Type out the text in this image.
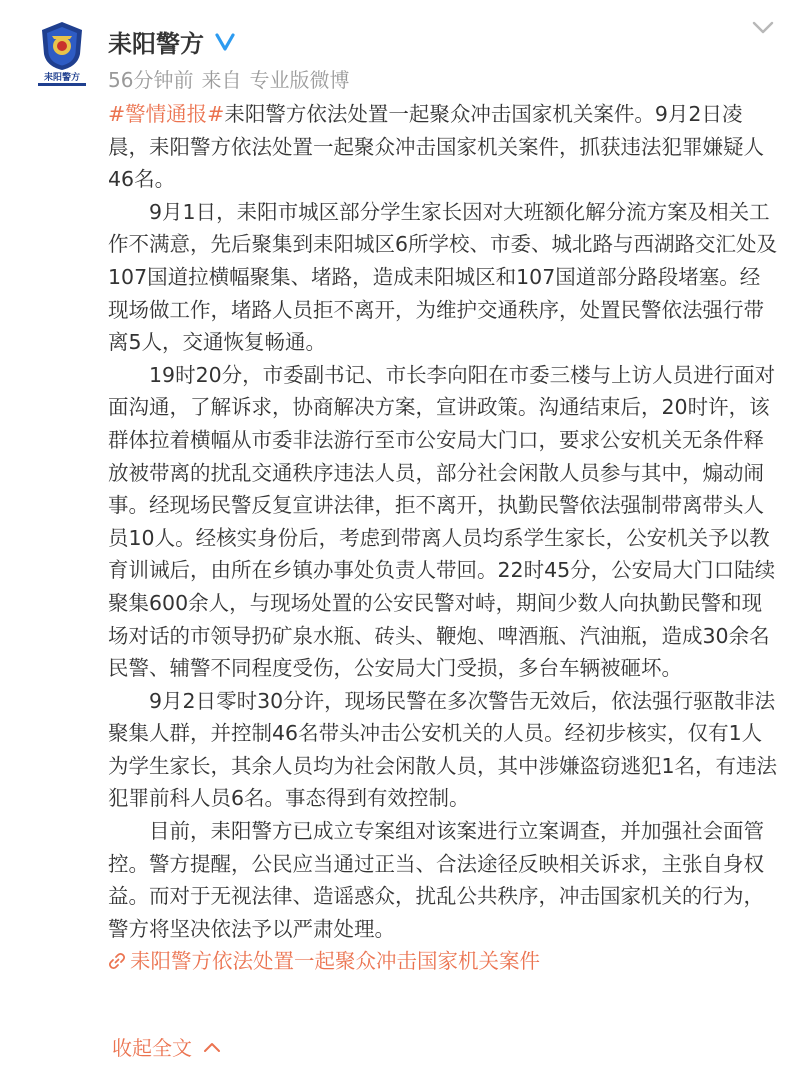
耒阳警方
耒阳警方
56分钟前 来自 专业版微博

#警情通报#耒阳警方依法处置一起聚众冲击国家机关案件。9月2日凌晨，耒阳警方依法处置一起聚众冲击国家机关案件，抓获违法犯罪嫌疑人46名。

9月1日，耒阳市城区部分学生家长因对大班额化解分流方案及相关工作不满意，先后聚集到耒阳城区6所学校、市委、城北路与西湖路交汇处及107国道拉横幅聚集、堵路，造成耒阳城区和107国道部分路段堵塞。经现场做工作，堵路人员拒不离开，为维护交通秩序，处置民警依法强行带离5人，交通恢复畅通。

19时20分，市委副书记、市长李向阳在市委三楼与上访人员进行面对面沟通，了解诉求，协商解决方案，宣讲政策。沟通结束后，20时许，该群体拉着横幅从市委非法游行至市公安局大门口，要求公安机关无条件释放被带离的扰乱交通秩序违法人员，部分社会闲散人员参与其中，煽动闹事。经现场民警反复宣讲法律，拒不离开，执勤民警依法强制带离带头人员10人。经核实身份后，考虑到带离人员均系学生家长，公安机关予以教育训诫后，由所在乡镇办事处负责人带回。22时45分，公安局大门口陆续聚集600余人，与现场处置的公安民警对峙，期间少数人向执勤民警和现场对话的市领导扔矿泉水瓶、砖头、鞭炮、啤酒瓶、汽油瓶，造成30余名民警、辅警不同程度受伤，公安局大门受损，多台车辆被砸坏。

9月2日零时30分许，现场民警在多次警告无效后，依法强行驱散非法聚集人群，并控制46名带头冲击公安机关的人员。经初步核实，仅有1人为学生家长，其余人员均为社会闲散人员，其中涉嫌盗窃逃犯1名，有违法犯罪前科人员6名。事态得到有效控制。

目前，耒阳警方已成立专案组对该案进行立案调查，并加强社会面管控。警方提醒，公民应当通过正当、合法途径反映相关诉求，主张自身权益。而对于无视法律、造谣惑众，扰乱公共秩序，冲击国家机关的行为，警方将坚决依法予以严肃处理。  耒阳警方依法处置一起聚众冲击国家机关案件

收起全文
